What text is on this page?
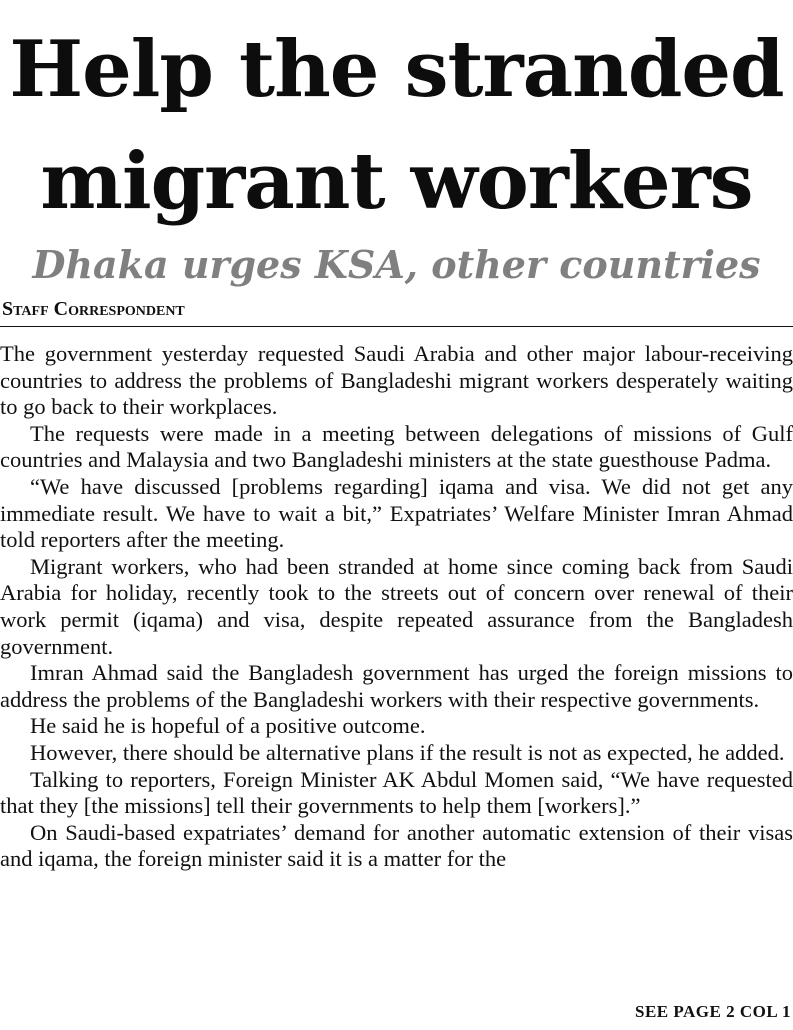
Help the stranded
migrant workers
Dhaka urges KSA, other countries
Staff Correspondent

The government yesterday requested Saudi Arabia and other major labour-receiving countries to address the problems of Bangladeshi migrant workers desperately waiting to go back to their workplaces.

The requests were made in a meeting between delegations of missions of Gulf countries and Malaysia and two Bangladeshi ministers at the state guesthouse Padma.

“We have discussed [problems regarding] iqama and visa. We did not get any immediate result. We have to wait a bit,” Expatriates’ Welfare Minister Imran Ahmad told reporters after the meeting.

Migrant workers, who had been stranded at home since coming back from Saudi Arabia for holiday, recently took to the streets out of concern over renewal of their work permit (iqama) and visa, despite repeated assurance from the Bangladesh government.

Imran Ahmad said the Bangladesh government has urged the foreign missions to address the problems of the Bangladeshi workers with their respective governments.

He said he is hopeful of a positive outcome.

However, there should be alternative plans if the result is not as expected, he added.

Talking to reporters, Foreign Minister AK Abdul Momen said, “We have requested that they [the missions] tell their governments to help them [workers].”

On Saudi-based expatriates’ demand for another automatic extension of their visas and iqama, the foreign minister said it is a matter for the

SEE PAGE 2 COL 1
